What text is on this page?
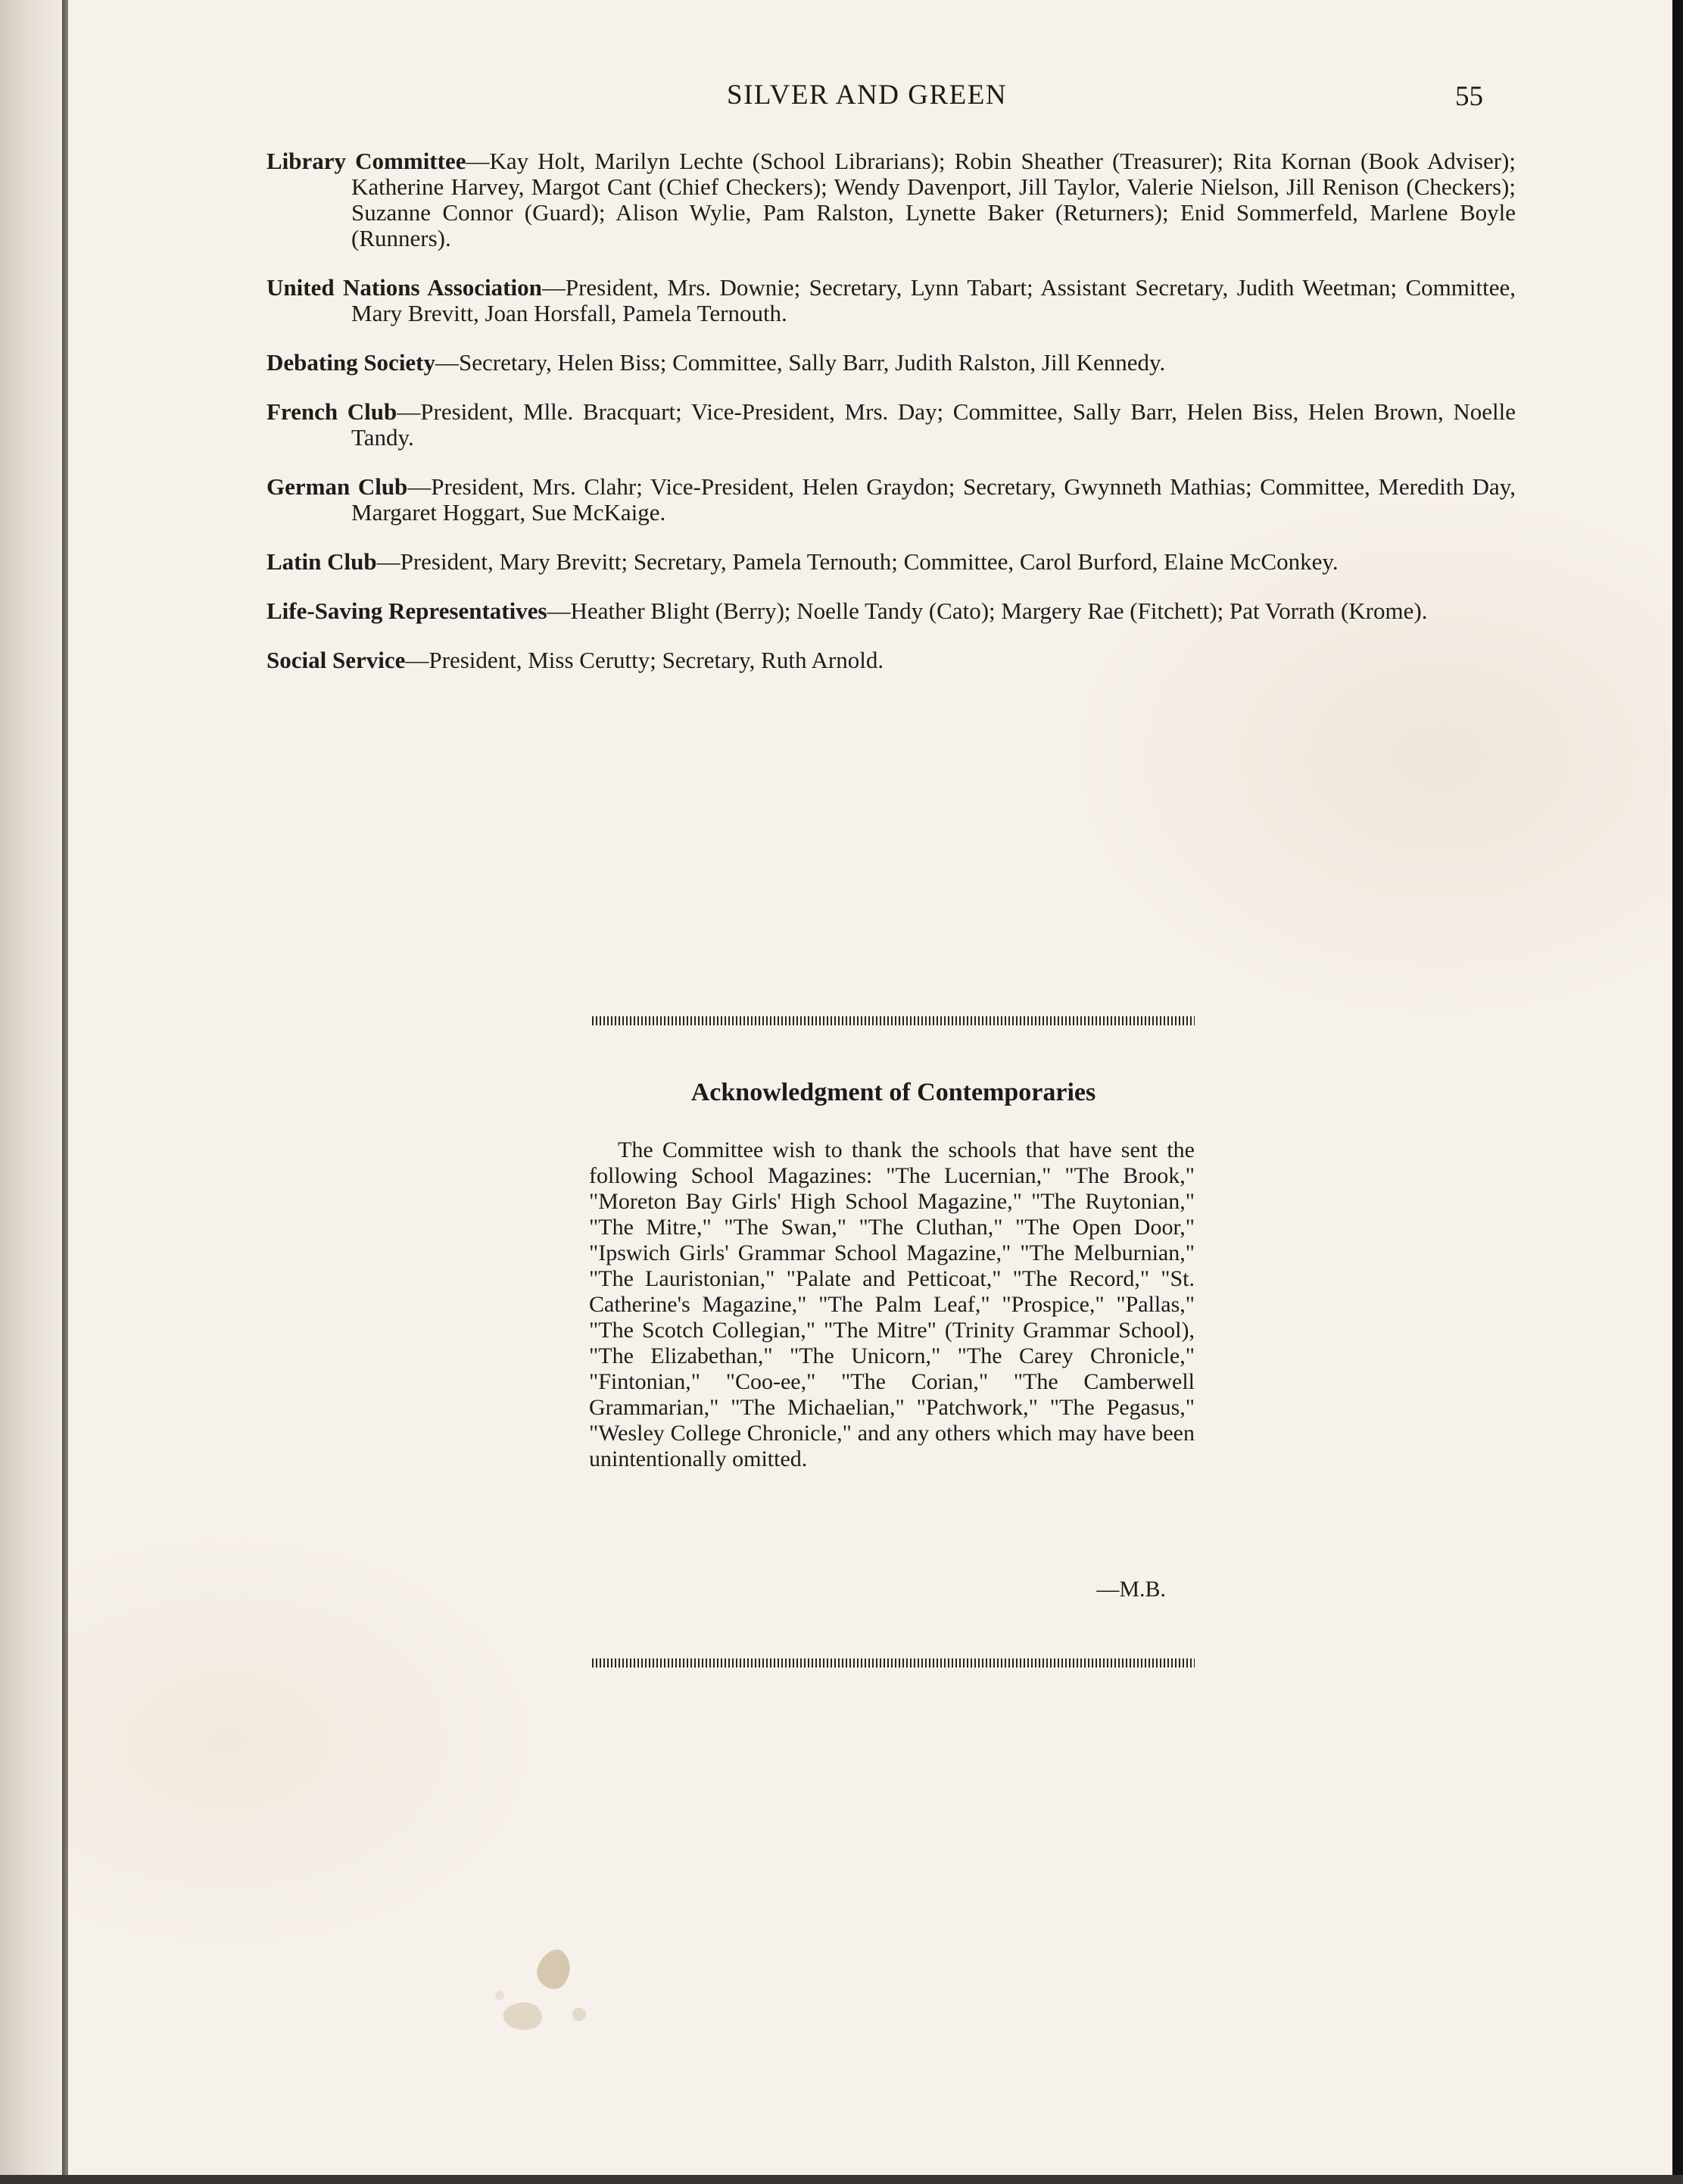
SILVER AND GREEN	55

Library Committee—Kay Holt, Marilyn Lechte (School Librarians); Robin Sheather (Treasurer); Rita Kornan (Book Adviser); Katherine Harvey, Margot Cant (Chief Checkers); Wendy Davenport, Jill Taylor, Valerie Nielson, Jill Renison (Checkers); Suzanne Connor (Guard); Alison Wylie, Pam Ralston, Lynette Baker (Returners); Enid Sommerfeld, Marlene Boyle (Runners).

United Nations Association—President, Mrs. Downie; Secretary, Lynn Tabart; Assistant Secretary, Judith Weetman; Committee, Mary Brevitt, Joan Horsfall, Pamela Ternouth.

Debating Society—Secretary, Helen Biss; Committee, Sally Barr, Judith Ralston, Jill Kennedy.

French Club—President, Mlle. Bracquart; Vice-President, Mrs. Day; Committee, Sally Barr, Helen Biss, Helen Brown, Noelle Tandy.

German Club—President, Mrs. Clahr; Vice-President, Helen Graydon; Secretary, Gwynneth Mathias; Committee, Meredith Day, Margaret Hoggart, Sue McKaige.

Latin Club—President, Mary Brevitt; Secretary, Pamela Ternouth; Committee, Carol Burford, Elaine McConkey.

Life-Saving Representatives—Heather Blight (Berry); Noelle Tandy (Cato); Margery Rae (Fitchett); Pat Vorrath (Krome).

Social Service—President, Miss Cerutty; Secretary, Ruth Arnold.

Acknowledgment of Contemporaries
The Committee wish to thank the schools that have sent the following School Magazines: "The Lucernian," "The Brook," "Moreton Bay Girls' High School Magazine," "The Ruytonian," "The Mitre," "The Swan," "The Cluthan," "The Open Door," "Ipswich Girls' Grammar School Magazine," "The Melburnian," "The Lauristonian," "Palate and Petticoat," "The Record," "St. Catherine's Magazine," "The Palm Leaf," "Prospice," "Pallas," "The Scotch Collegian," "The Mitre" (Trinity Grammar School), "The Elizabethan," "The Unicorn," "The Carey Chronicle," "Fintonian," "Coo-ee," "The Corian," "The Camberwell Grammarian," "The Michaelian," "Patchwork," "The Pegasus," "Wesley College Chronicle," and any others which may have been unintentionally omitted.
—M.B.
